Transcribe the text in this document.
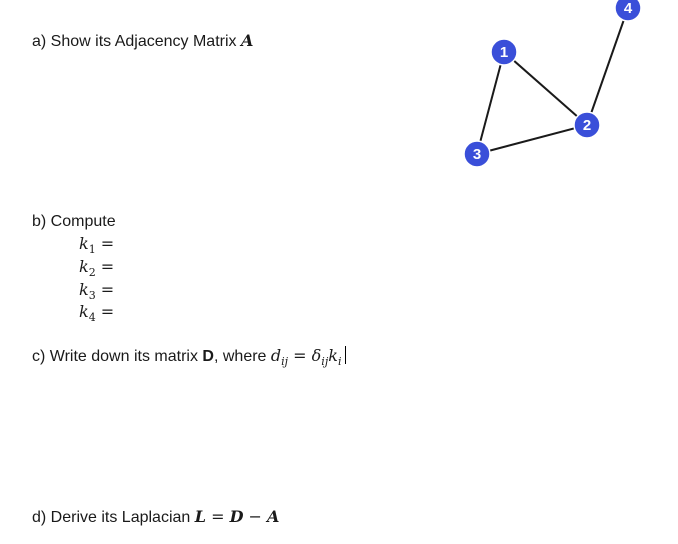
a) Show its Adjacency Matrix A
b) Compute
$k_1$ =
$k_2$ =
$k_3$ =
$k_4$ =
c) Write down its matrix D, where $d_{ij} = \delta_{ij}k_i$
d) Derive its Laplacian L = D − A
1
2
3
4
